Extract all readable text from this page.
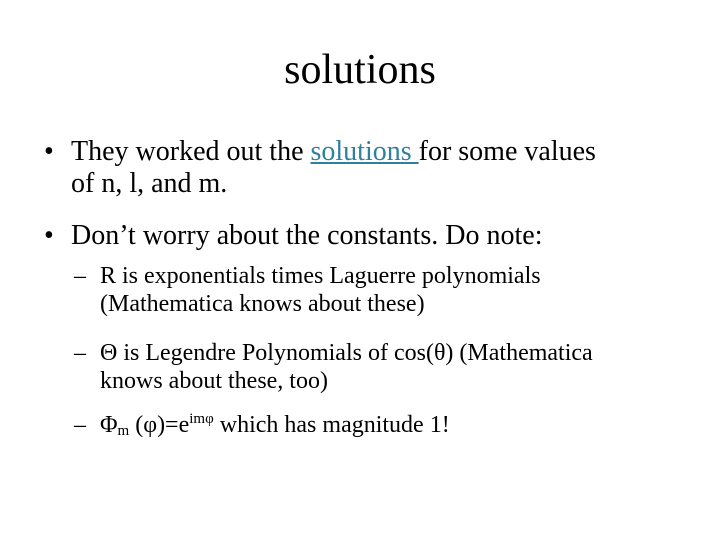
solutions
• They worked out the solutions for some values
of n, l, and m.
• Don’t worry about the constants. Do note:
– R is exponentials times Laguerre polynomials
(Mathematica knows about these)
– Θ is Legendre Polynomials of cos(θ) (Mathematica
knows about these, too)
– $\Phi_m$ $(\varphi)=e^{im\varphi}$ which has magnitude 1!
